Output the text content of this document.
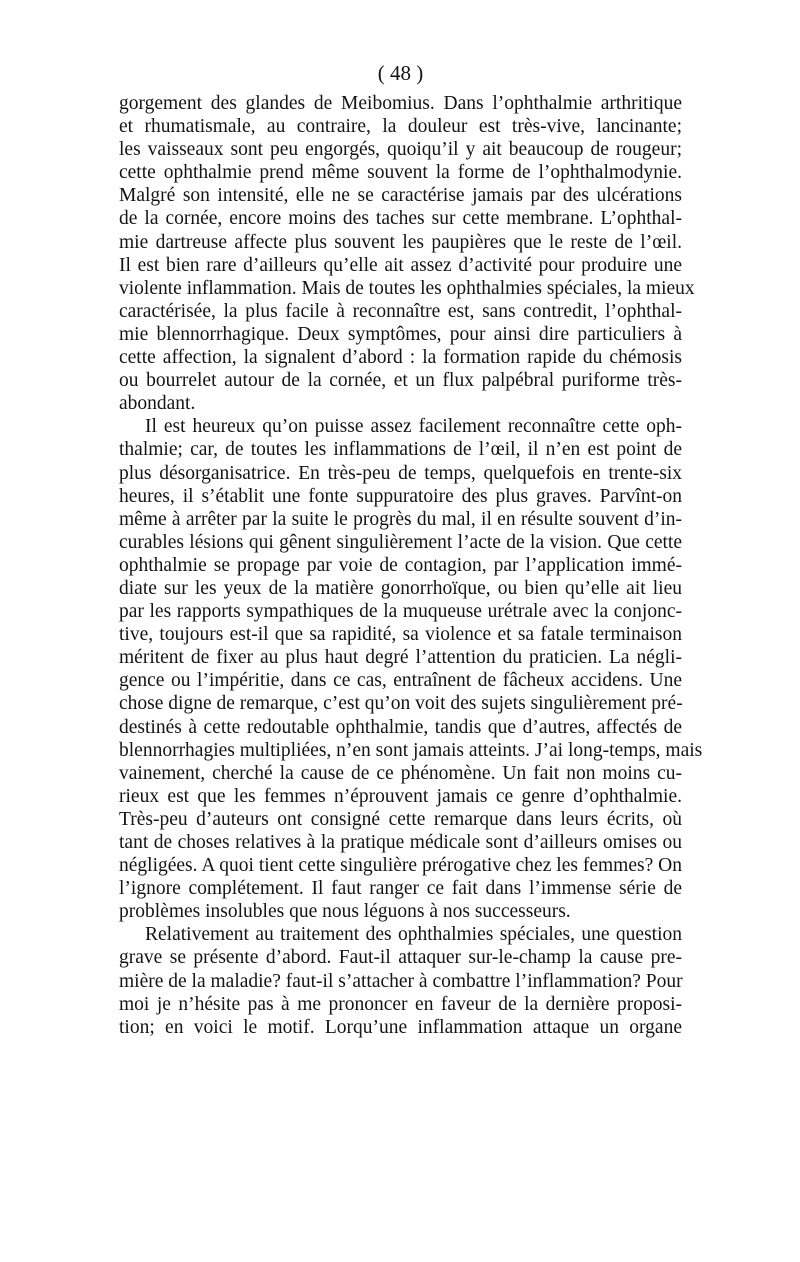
( 48 )
gorgement des glandes de Meibomius. Dans l’ophthalmie arthritique
et rhumatismale, au contraire, la douleur est très-vive, lancinante;
les vaisseaux sont peu engorgés, quoiqu’il y ait beaucoup de rougeur;
cette ophthalmie prend même souvent la forme de l’ophthalmodynie.
Malgré son intensité, elle ne se caractérise jamais par des ulcérations
de la cornée, encore moins des taches sur cette membrane. L’ophthal-
mie dartreuse affecte plus souvent les paupières que le reste de l’œil.
Il est bien rare d’ailleurs qu’elle ait assez d’activité pour produire une
violente inflammation. Mais de toutes les ophthalmies spéciales, la mieux
caractérisée, la plus facile à reconnaître est, sans contredit, l’ophthal-
mie blennorrhagique. Deux symptômes, pour ainsi dire particuliers à
cette affection, la signalent d’abord : la formation rapide du chémosis
ou bourrelet autour de la cornée, et un flux palpébral puriforme très-
abondant.
Il est heureux qu’on puisse assez facilement reconnaître cette oph-
thalmie; car, de toutes les inflammations de l’œil, il n’en est point de
plus désorganisatrice. En très-peu de temps, quelquefois en trente-six
heures, il s’établit une fonte suppuratoire des plus graves. Parvînt-on
même à arrêter par la suite le progrès du mal, il en résulte souvent d’in-
curables lésions qui gênent singulièrement l’acte de la vision. Que cette
ophthalmie se propage par voie de contagion, par l’application immé-
diate sur les yeux de la matière gonorrhoïque, ou bien qu’elle ait lieu
par les rapports sympathiques de la muqueuse urétrale avec la conjonc-
tive, toujours est-il que sa rapidité, sa violence et sa fatale terminaison
méritent de fixer au plus haut degré l’attention du praticien. La négli-
gence ou l’impéritie, dans ce cas, entraînent de fâcheux accidens. Une
chose digne de remarque, c’est qu’on voit des sujets singulièrement pré-
destinés à cette redoutable ophthalmie, tandis que d’autres, affectés de
blennorrhagies multipliées, n’en sont jamais atteints. J’ai long-temps, mais
vainement, cherché la cause de ce phénomène. Un fait non moins cu-
rieux est que les femmes n’éprouvent jamais ce genre d’ophthalmie.
Très-peu d’auteurs ont consigné cette remarque dans leurs écrits, où
tant de choses relatives à la pratique médicale sont d’ailleurs omises ou
négligées. A quoi tient cette singulière prérogative chez les femmes? On
l’ignore complétement. Il faut ranger ce fait dans l’immense série de
problèmes insolubles que nous léguons à nos successeurs.
Relativement au traitement des ophthalmies spéciales, une question
grave se présente d’abord. Faut-il attaquer sur-le-champ la cause pre-
mière de la maladie? faut-il s’attacher à combattre l’inflammation? Pour
moi je n’hésite pas à me prononcer en faveur de la dernière proposi-
tion; en voici le motif. Lorqu’une inflammation attaque un organe
